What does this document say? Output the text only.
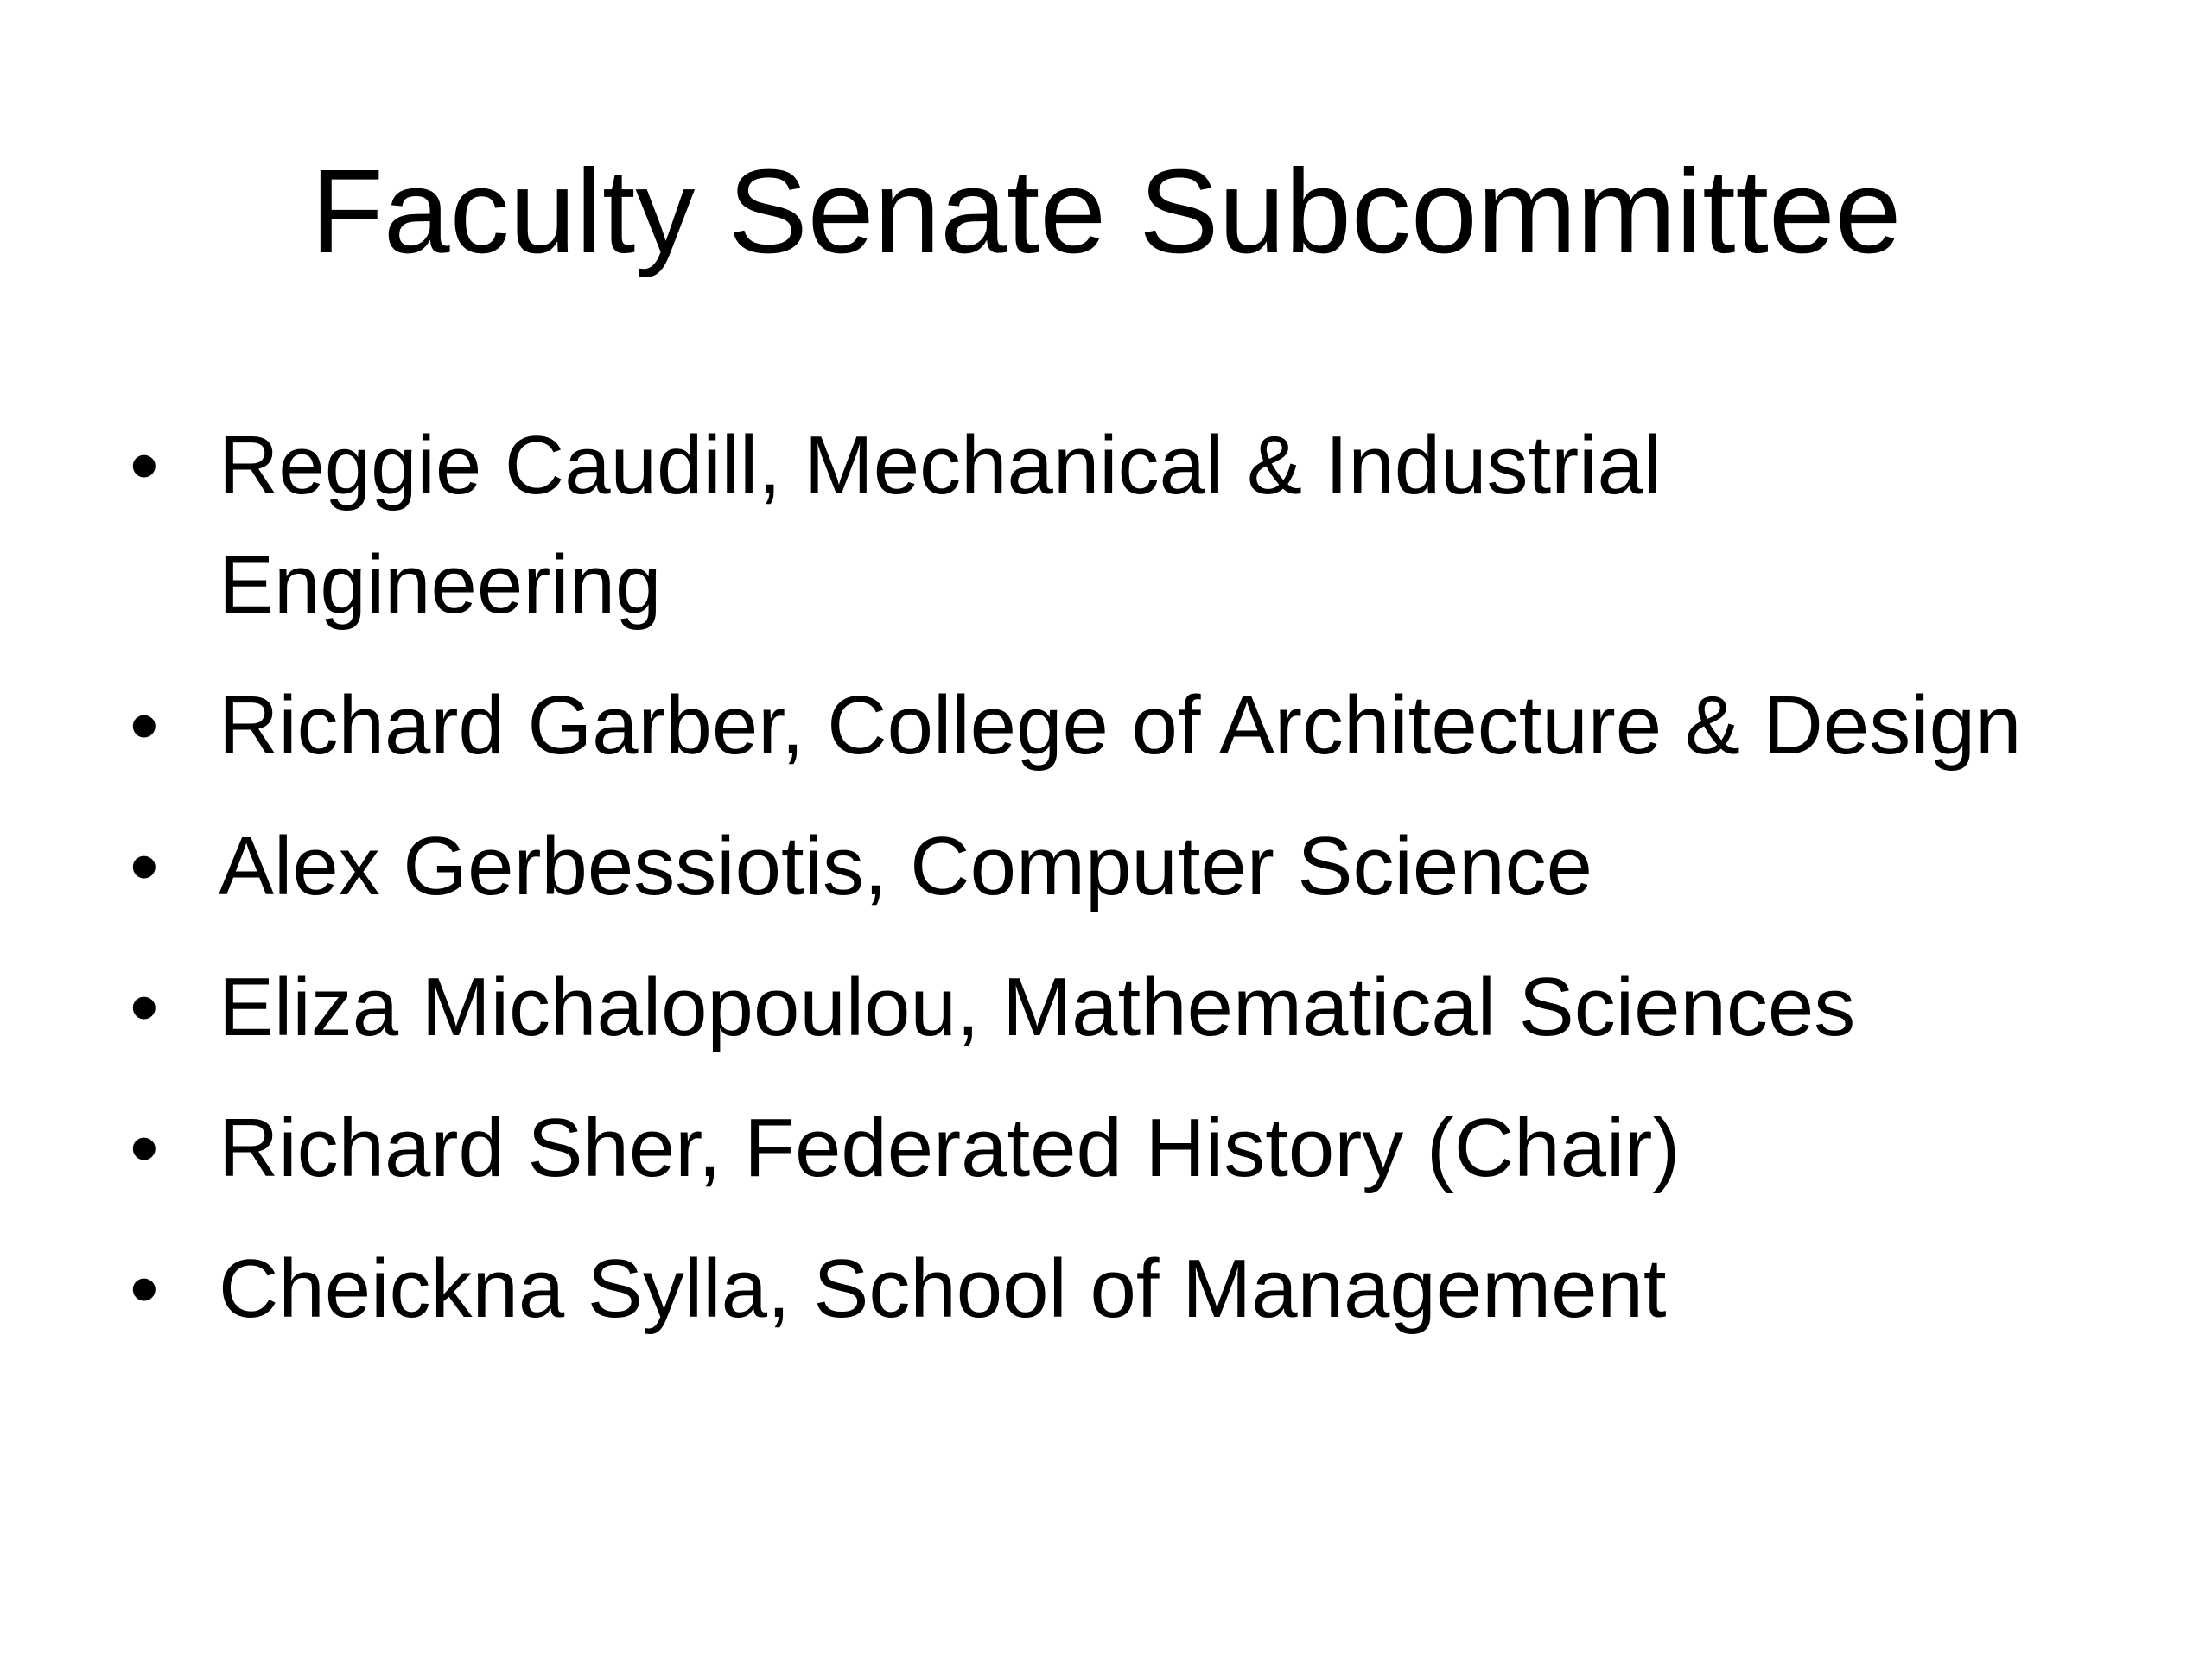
Faculty Senate Subcommittee
• Reggie Caudill, Mechanical & Industrial Engineering
• Richard Garber, College of Architecture & Design
• Alex Gerbessiotis, Computer Science
• Eliza Michalopoulou, Mathematical Sciences
• Richard Sher, Federated History (Chair)
• Cheickna Sylla, School of Management
